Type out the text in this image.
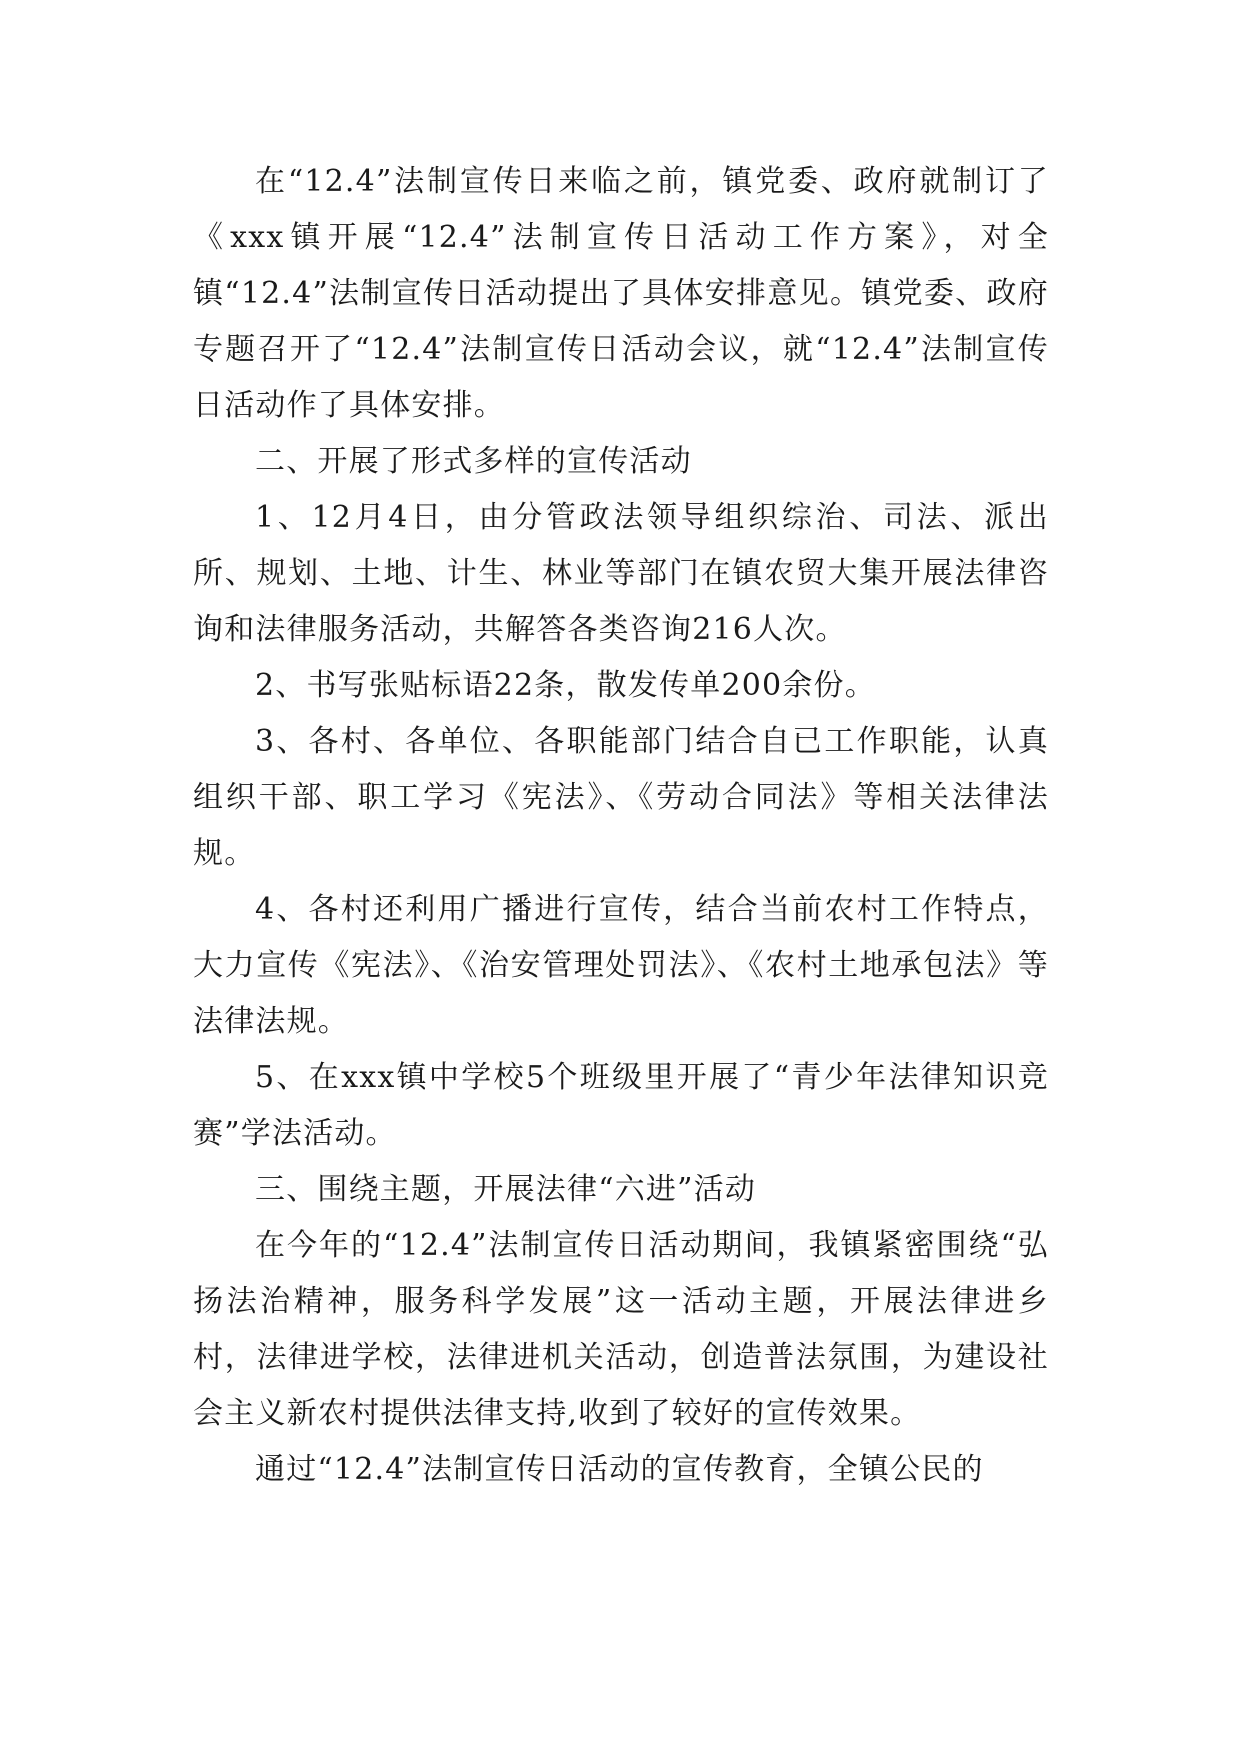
在“12.4”法制宣传日来临之前，镇党委、政府就制订了《xxx镇开展“12.4”法制宣传日活动工作方案》，对全镇“12.4”法制宣传日活动提出了具体安排意见。镇党委、政府专题召开了“12.4”法制宣传日活动会议，就“12.4”法制宣传日活动作了具体安排。

二、开展了形式多样的宣传活动

1、12月4日，由分管政法领导组织综治、司法、派出所、规划、土地、计生、林业等部门在镇农贸大集开展法律咨询和法律服务活动，共解答各类咨询216人次。

2、书写张贴标语22条，散发传单200余份。

3、各村、各单位、各职能部门结合自已工作职能，认真组织干部、职工学习《宪法》、《劳动合同法》等相关法律法规。

4、各村还利用广播进行宣传，结合当前农村工作特点，大力宣传《宪法》、《治安管理处罚法》、《农村土地承包法》等法律法规。

5、在xxx镇中学校5个班级里开展了“青少年法律知识竞赛”学法活动。

三、围绕主题，开展法律“六进”活动

在今年的“12.4”法制宣传日活动期间，我镇紧密围绕“弘扬法治精神，服务科学发展”这一活动主题，开展法律进乡村，法律进学校，法律进机关活动，创造普法氛围，为建设社会主义新农村提供法律支持,收到了较好的宣传效果。

通过“12.4”法制宣传日活动的宣传教育，全镇公民的
